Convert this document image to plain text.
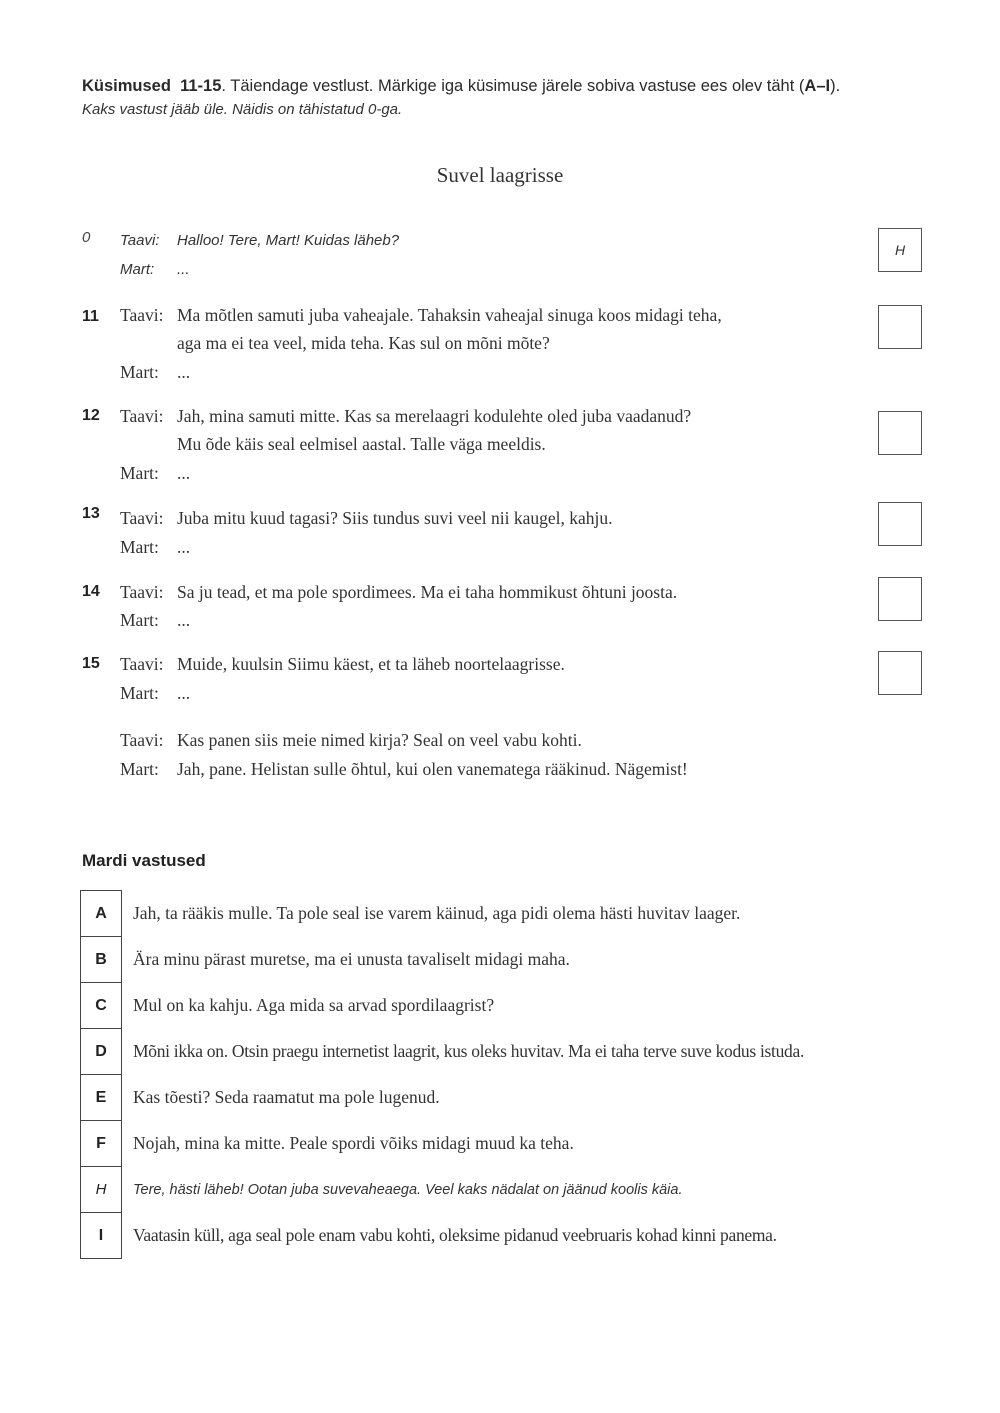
Küsimused 11-15. Täiendage vestlust. Märkige iga küsimuse järele sobiva vastuse ees olev täht (A–I).
Kaks vastust jääb üle. Näidis on tähistatud 0-ga.
Suvel laagrisse
0 Taavi: Halloo! Tere, Mart! Kuidas läheb?
Mart: ...
H
11 Taavi: Ma mõtlen samuti juba vaheajale. Tahaksin vaheajal sinuga koos midagi teha,
aga ma ei tea veel, mida teha. Kas sul on mõni mõte?
Mart: ...
12 Taavi: Jah, mina samuti mitte. Kas sa merelaagri kodulehte oled juba vaadanud?
Mu õde käis seal eelmisel aastal. Talle väga meeldis.
Mart: ...
13 Taavi: Juba mitu kuud tagasi? Siis tundus suvi veel nii kaugel, kahju.
Mart: ...
14 Taavi: Sa ju tead, et ma pole spordimees. Ma ei taha hommikust õhtuni joosta.
Mart: ...
15 Taavi: Muide, kuulsin Siimu käest, et ta läheb noortelaagrisse.
Mart: ...
Taavi: Kas panen siis meie nimed kirja? Seal on veel vabu kohti.
Mart: Jah, pane. Helistan sulle õhtul, kui olen vanematega rääkinud. Nägemist!
Mardi vastused
A	Jah, ta rääkis mulle. Ta pole seal ise varem käinud, aga pidi olema hästi huvitav laager.
B	Ära minu pärast muretse, ma ei unusta tavaliselt midagi maha.
C	Mul on ka kahju. Aga mida sa arvad spordilaagrist?
D	Mõni ikka on. Otsin praegu internetist laagrit, kus oleks huvitav. Ma ei taha terve suve kodus istuda.
E	Kas tõesti? Seda raamatut ma pole lugenud.
F	Nojah, mina ka mitte. Peale spordi võiks midagi muud ka teha.
H	Tere, hästi läheb! Ootan juba suvevaheaega. Veel kaks nädalat on jäänud koolis käia.
I	Vaatasin küll, aga seal pole enam vabu kohti, oleksime pidanud veebruaris kohad kinni panema.
